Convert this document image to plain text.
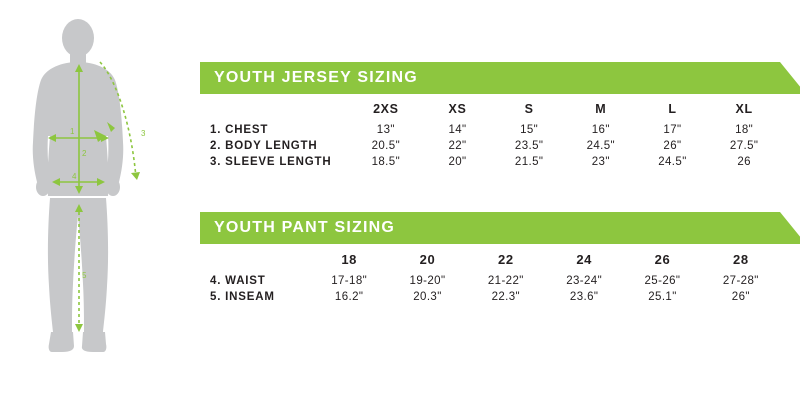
3
2
1
4
5
YOUTH JERSEY SIZING
	2XS	XS	S	M	L	XL
1. CHEST	13"	14"	15"	16"	17"	18"
2. BODY LENGTH	20.5"	22"	23.5"	24.5"	26"	27.5"
3. SLEEVE LENGTH	18.5"	20"	21.5"	23"	24.5"	26
YOUTH PANT SIZING
	18	20	22	24	26	28
4. WAIST	17-18"	19-20"	21-22"	23-24"	25-26"	27-28"
5. INSEAM	16.2"	20.3"	22.3"	23.6"	25.1"	26"
